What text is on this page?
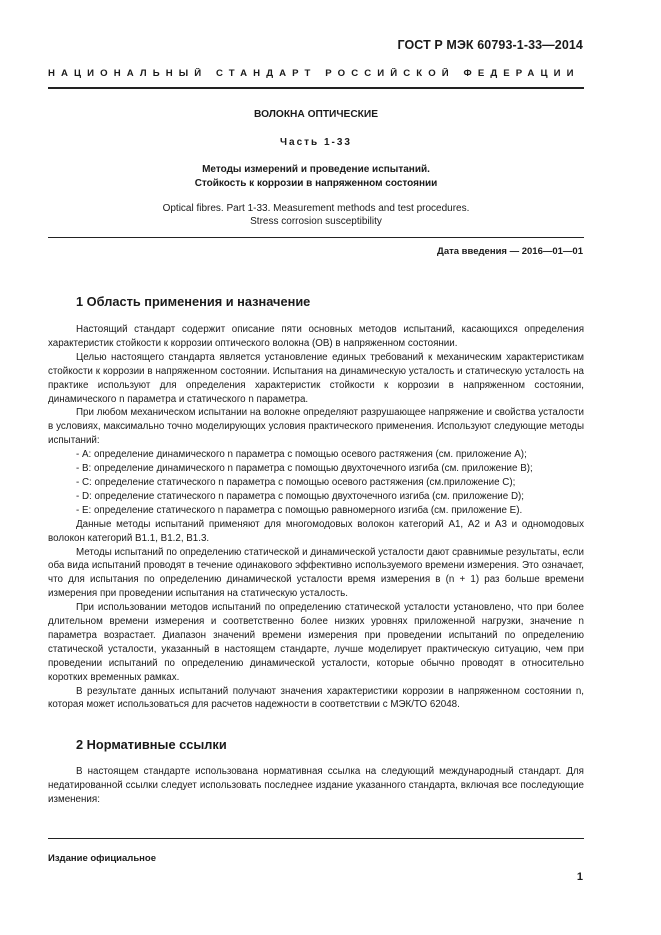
ГОСТ Р МЭК 60793-1-33—2014
НАЦИОНАЛЬНЫЙ СТАНДАРТ РОССИЙСКОЙ ФЕДЕРАЦИИ
ВОЛОКНА ОПТИЧЕСКИЕ
Часть 1-33
Методы измерений и проведение испытаний.
Стойкость к коррозии в напряженном состоянии
Optical fibres. Part 1-33. Measurement methods and test procedures.
Stress corrosion susceptibility
Дата введения — 2016—01—01
1 Область применения и назначение

Настоящий стандарт содержит описание пяти основных методов испытаний, касающихся определения характеристик стойкости к коррозии оптического волокна (ОВ) в напряженном состоянии.

Целью настоящего стандарта является установление единых требований к механическим характеристикам стойкости к коррозии в напряженном состоянии. Испытания на динамическую усталость и статическую усталость на практике используют для определения характеристик стойкости к коррозии в напряженном состоянии, динамического n параметра и статического n параметра.

При любом механическом испытании на волокне определяют разрушающее напряжение и свойства усталости в условиях, максимально точно моделирующих условия практического применения. Используют следующие методы испытаний:

- А: определение динамического n параметра с помощью осевого растяжения (см. приложение А);

- В: определение динамического n параметра с помощью двухточечного изгиба (см. приложение В);

- С: определение статического n параметра с помощью осевого растяжения (см.приложение С);

- D: определение статического n параметра с помощью двухточечного изгиба (см. приложение D);

- Е: определение статического n параметра с помощью равномерного изгиба (см. приложение Е).

Данные методы испытаний применяют для многомодовых волокон категорий А1, А2 и А3 и одномодовых волокон категорий В1.1, В1.2, В1.3.

Методы испытаний по определению статической и динамической усталости дают сравнимые результаты, если оба вида испытаний проводят в течение одинакового эффективно используемого времени измерения. Это означает, что для испытания по определению динамической усталости время измерения в (n + 1) раз больше времени измерения при проведении испытания на статическую усталость.

При использовании методов испытаний по определению статической усталости установлено, что при более длительном времени измерения и соответственно более низких уровнях приложенной нагрузки, значение n параметра возрастает. Диапазон значений времени измерения при проведении испытаний по определению статической усталости, указанный в настоящем стандарте, лучше моделирует практическую ситуацию, чем при проведении испытаний по определению динамической усталости, которые обычно проводят в относительно коротких временных рамках.

В результате данных испытаний получают значения характеристики коррозии в напряженном состоянии n, которая может использоваться для расчетов надежности в соответствии с МЭК/ТО 62048.

2 Нормативные ссылки

В настоящем стандарте использована нормативная ссылка на следующий международный стандарт. Для недатированной ссылки следует использовать последнее издание указанного стандарта, включая все последующие изменения:

Издание официальное
1
